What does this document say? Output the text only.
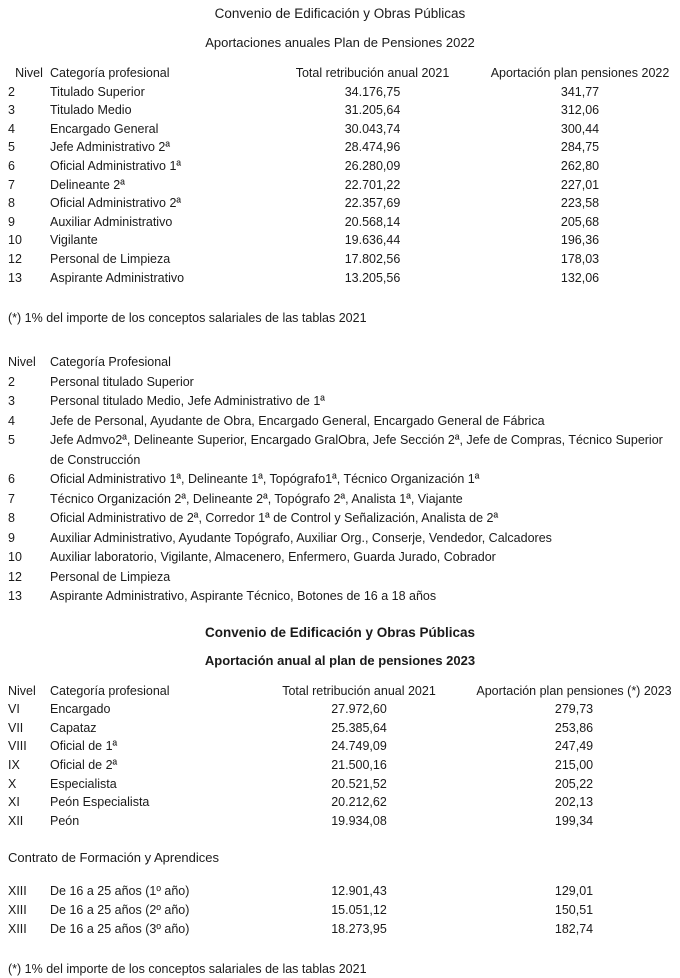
Convenio de Edificación y Obras Públicas
Aportaciones anuales Plan de Pensiones 2022
Nivel	Categoría profesional	Total retribución anual 2021	Aportación plan pensiones 2022
2	Titulado Superior	34.176,75	341,77
3	Titulado Medio	31.205,64	312,06
4	Encargado General	30.043,74	300,44
5	Jefe Administrativo 2ª	28.474,96	284,75
6	Oficial Administrativo 1ª	26.280,09	262,80
7	Delineante 2ª	22.701,22	227,01
8	Oficial Administrativo 2ª	22.357,69	223,58
9	Auxiliar Administrativo	20.568,14	205,68
10	Vigilante	19.636,44	196,36
12	Personal de Limpieza	17.802,56	178,03
13	Aspirante Administrativo	13.205,56	132,06
(*) 1% del importe de los conceptos salariales de las tablas 2021
Nivel	Categoría Profesional
2	Personal titulado Superior
3	Personal titulado Medio, Jefe Administrativo de 1ª
4	Jefe de Personal, Ayudante de Obra, Encargado General, Encargado General de Fábrica
5	Jefe Admvo2ª, Delineante Superior, Encargado GralObra, Jefe Sección 2ª, Jefe de Compras, Técnico Superior de Construcción
6	Oficial Administrativo 1ª, Delineante 1ª, Topógrafo1ª, Técnico Organización 1ª
7	Técnico Organización 2ª, Delineante 2ª, Topógrafo 2ª, Analista 1ª, Viajante
8	Oficial Administrativo de 2ª, Corredor 1ª de Control y Señalización, Analista de 2ª
9	Auxiliar Administrativo, Ayudante Topógrafo, Auxiliar Org., Conserje, Vendedor, Calcadores
10	Auxiliar laboratorio, Vigilante, Almacenero, Enfermero, Guarda Jurado, Cobrador
12	Personal de Limpieza
13	Aspirante Administrativo, Aspirante Técnico, Botones de 16 a 18 años
Convenio de Edificación y Obras Públicas
Aportación anual al plan de pensiones 2023
Nivel	Categoría profesional	Total retribución anual 2021	Aportación plan pensiones (*) 2023
VI	Encargado	27.972,60	279,73
VII	Capataz	25.385,64	253,86
VIII	Oficial de 1ª	24.749,09	247,49
IX	Oficial de 2ª	21.500,16	215,00
X	Especialista	20.521,52	205,22
XI	Peón Especialista	20.212,62	202,13
XII	Peón	19.934,08	199,34
Contrato de Formación y Aprendices
XIII	De 16 a 25 años (1º año)	12.901,43	129,01
XIII	De 16 a 25 años (2º año)	15.051,12	150,51
XIII	De 16 a 25 años (3º año)	18.273,95	182,74
(*) 1% del importe de los conceptos salariales de las tablas 2021
